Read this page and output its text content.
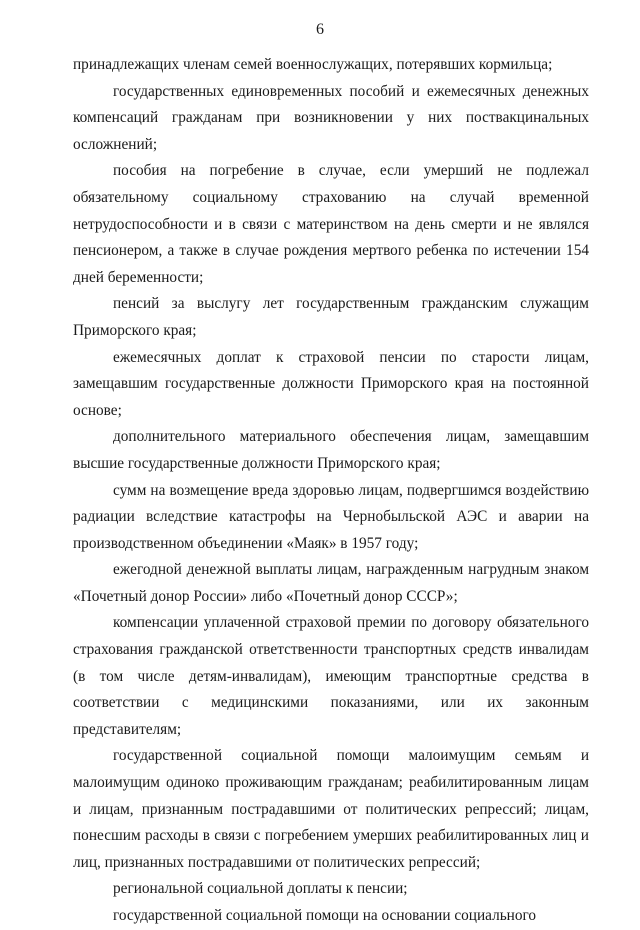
6

принадлежащих членам семей военнослужащих, потерявших кормильца;

государственных единовременных пособий и ежемесячных денежных компенсаций гражданам при возникновении у них поствакцинальных осложнений;

пособия на погребение в случае, если умерший не подлежал обязательному социальному страхованию на случай временной нетрудоспособности и в связи с материнством на день смерти и не являлся пенсионером, а также в случае рождения мертвого ребенка по истечении 154 дней беременности;

пенсий за выслугу лет государственным гражданским служащим Приморского края;

ежемесячных доплат к страховой пенсии по старости лицам, замещавшим государственные должности Приморского края на постоянной основе;

дополнительного материального обеспечения лицам, замещавшим высшие государственные должности Приморского края;

сумм на возмещение вреда здоровью лицам, подвергшимся воздействию радиации вследствие катастрофы на Чернобыльской АЭС и аварии на производственном объединении «Маяк» в 1957 году;

ежегодной денежной выплаты лицам, награжденным нагрудным знаком «Почетный донор России» либо «Почетный донор СССР»;

компенсации уплаченной страховой премии по договору обязательного страхования гражданской ответственности транспортных средств инвалидам (в том числе детям-инвалидам), имеющим транспортные средства в соответствии с медицинскими показаниями, или их законным представителям;

государственной социальной помощи малоимущим семьям и малоимущим одиноко проживающим гражданам; реабилитированным лицам и лицам, признанным пострадавшими от политических репрессий; лицам, понесшим расходы в связи с погребением умерших реабилитированных лиц и лиц, признанных пострадавшими от политических репрессий;

региональной социальной доплаты к пенсии;

государственной социальной помощи на основании социального
